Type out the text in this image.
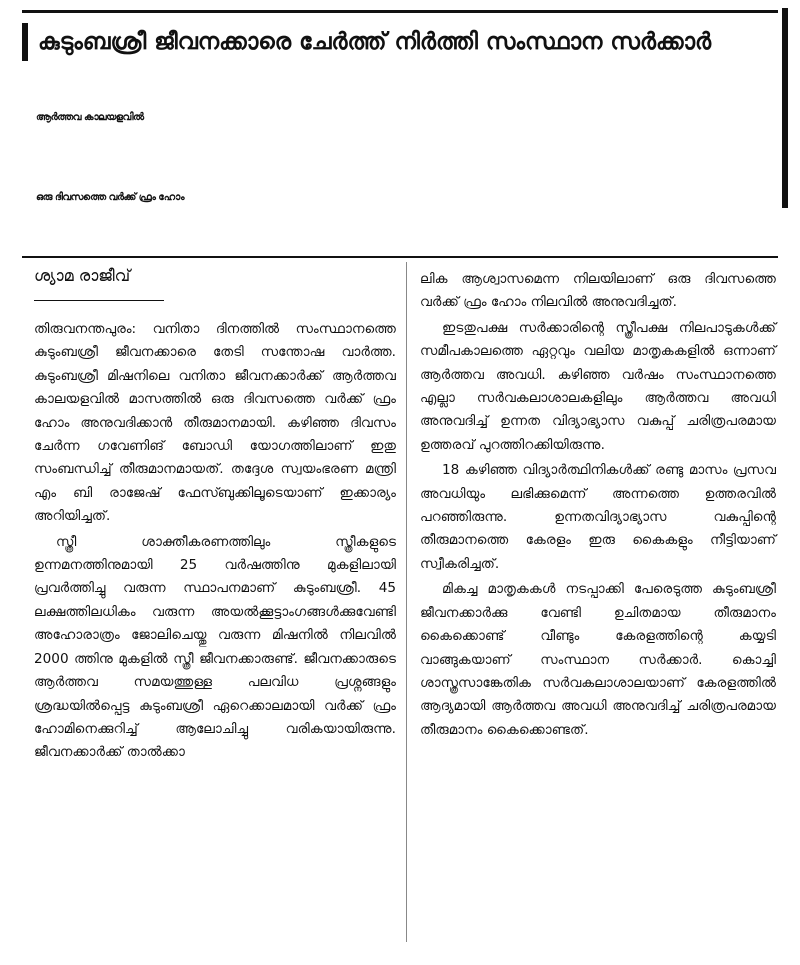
കുടുംബശ്രീ ജീവനക്കാരെ ചേർത്ത് നിർത്തി സംസ്ഥാന സർക്കാർ
ആർത്തവ കാലയളവിൽ
ഒരു ദിവസത്തെ വർക്ക് ഫ്രം ഹോം
ശ്യാമ രാജീവ്

തിരുവനന്തപുരം: വനിതാ ദിനത്തിൽ സംസ്ഥാനത്തെ കുടുംബശ്രീ ജീവനക്കാരെ തേടി സന്തോഷ വാർത്ത. കുടുംബശ്രീ മിഷനിലെ വനിതാ ജീവനക്കാർക്ക് ആർത്തവ കാലയളവിൽ മാസത്തിൽ ഒരു ദിവസത്തെ വർക്ക് ഫ്രം ഹോം അനുവദിക്കാൻ തീരുമാനമായി. കഴിഞ്ഞ ദിവസം ചേർന്ന ഗവേണിങ് ബോഡി യോഗത്തിലാണ് ഇതു സംബന്ധിച്ച് തീരുമാനമായത്. തദ്ദേശ സ്വയംഭരണ മന്ത്രി എം ബി രാജേഷ് ഫേസ്ബുക്കിലൂടെയാണ് ഇക്കാര്യം അറിയിച്ചത്.

സ്ത്രീ ശാക്തീകരണത്തിലും സ്ത്രീകളുടെ ഉന്നമനത്തിനുമായി 25 വർഷത്തിനു മുകളിലായി പ്രവർത്തിച്ചു വരുന്ന സ്ഥാപനമാണ് കുടുംബശ്രീ. 45 ലക്ഷത്തിലധികം വരുന്ന അയൽക്കൂട്ടാംഗങ്ങൾക്കുവേണ്ടി അഹോരാത്രം ജോലിചെയ്തു വരുന്ന മിഷനിൽ നിലവിൽ 2000 ത്തിനു മുകളിൽ സ്ത്രീ ജീവനക്കാരുണ്ട്. ജീവനക്കാരുടെ ആർത്തവ സമയത്തുള്ള പലവിധ പ്രശ്നങ്ങളും ശ്രദ്ധയിൽപ്പെട്ട കുടുംബശ്രീ ഏറെക്കാലമായി വർക്ക് ഫ്രം ഹോമിനെക്കുറിച്ച് ആലോചിച്ചു വരികയായിരുന്നു. ജീവനക്കാർക്ക് താൽക്കാ

ലിക ആശ്വാസമെന്ന നിലയിലാണ് ഒരു ദിവസത്തെ വർക്ക് ഫ്രം ഹോം നിലവിൽ അനുവദിച്ചത്.

ഇടതുപക്ഷ സർക്കാരിന്റെ സ്ത്രീപക്ഷ നിലപാടുകൾക്ക് സമീപകാലത്തെ ഏറ്റവും വലിയ മാതൃകകളിൽ ഒന്നാണ് ആർത്തവ അവധി. കഴിഞ്ഞ വർഷം സംസ്ഥാനത്തെ എല്ലാ സർവകലാശാലകളിലും ആർത്തവ അവധി അനുവദിച്ച് ഉന്നത വിദ്യാഭ്യാസ വകുപ്പ് ചരിത്രപരമായ ഉത്തരവ് പുറത്തിറക്കിയിരുന്നു.

18 കഴിഞ്ഞ വിദ്യാർത്ഥിനികൾക്ക് രണ്ടു മാസം പ്രസവ അവധിയും ലഭിക്കുമെന്ന് അന്നത്തെ ഉത്തരവിൽ പറഞ്ഞിരുന്നു. ഉന്നതവിദ്യാഭ്യാസ വകുപ്പിന്റെ തീരുമാനത്തെ കേരളം ഇരു കൈകളും നീട്ടിയാണ് സ്വീകരിച്ചത്.

മികച്ച മാതൃകകൾ നടപ്പാക്കി പേരെടുത്ത കുടുംബശ്രീ ജീവനക്കാർക്കു വേണ്ടി ഉചിതമായ തീരുമാനം കൈക്കൊണ്ട് വീണ്ടും കേരളത്തിന്റെ കയ്യടി വാങ്ങുകയാണ് സംസ്ഥാന സർക്കാർ. കൊച്ചി ശാസ്ത്രസാങ്കേതിക സർവകലാശാലയാണ് കേരളത്തിൽ ആദ്യമായി ആർത്തവ അവധി അനുവദിച്ച് ചരിത്രപരമായ തീരുമാനം കൈക്കൊണ്ടത്.
